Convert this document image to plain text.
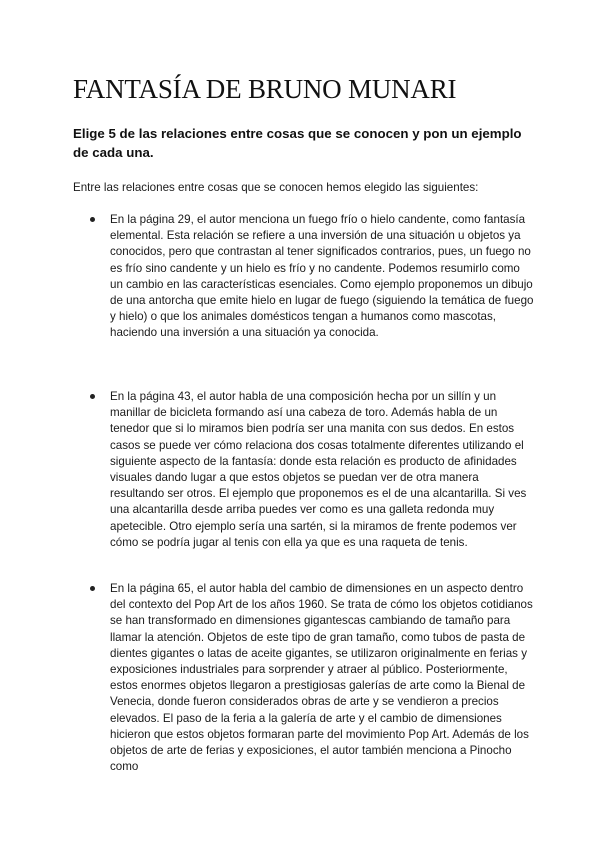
FANTASÍA DE BRUNO MUNARI

Elige 5 de las relaciones entre cosas que se conocen y pon un ejemplo de cada una.

Entre las relaciones entre cosas que se conocen hemos elegido las siguientes:

En la página 29, el autor menciona un fuego frío o hielo candente, como fantasía elemental. Esta relación se refiere a una inversión de una situación u objetos ya conocidos, pero que contrastan al tener significados contrarios, pues, un fuego no es frío sino candente y un hielo es frío y no candente. Podemos resumirlo como un cambio en las características esenciales. Como ejemplo proponemos un dibujo de una antorcha que emite hielo en lugar de fuego (siguiendo la temática de fuego y hielo) o que los animales domésticos tengan a humanos como mascotas, haciendo una inversión a una situación ya conocida.
En la página 43, el autor habla de una composición hecha por un sillín y un manillar de bicicleta formando así una cabeza de toro. Además habla de un tenedor que si lo miramos bien podría ser una manita con sus dedos. En estos casos se puede ver cómo relaciona dos cosas totalmente diferentes utilizando el siguiente aspecto de la fantasía: donde esta relación es producto de afinidades visuales dando lugar a que estos objetos se puedan ver de otra manera resultando ser otros. El ejemplo que proponemos es el de una alcantarilla. Si ves una alcantarilla desde arriba puedes ver como es una galleta redonda muy apetecible. Otro ejemplo sería una sartén, si la miramos de frente podemos ver cómo se podría jugar al tenis con ella ya que es una raqueta de tenis.
En la página 65, el autor habla del cambio de dimensiones en un aspecto dentro del contexto del Pop Art de los años 1960. Se trata de cómo los objetos cotidianos se han transformado en dimensiones gigantescas cambiando de tamaño para llamar la atención. Objetos de este tipo de gran tamaño, como tubos de pasta de dientes gigantes o latas de aceite gigantes, se utilizaron originalmente en ferias y exposiciones industriales para sorprender y atraer al público. Posteriormente, estos enormes objetos llegaron a prestigiosas galerías de arte como la Bienal de Venecia, donde fueron considerados obras de arte y se vendieron a precios elevados. El paso de la feria a la galería de arte y el cambio de dimensiones hicieron que estos objetos formaran parte del movimiento Pop Art. Además de los objetos de arte de ferias y exposiciones, el autor también menciona a Pinocho como
